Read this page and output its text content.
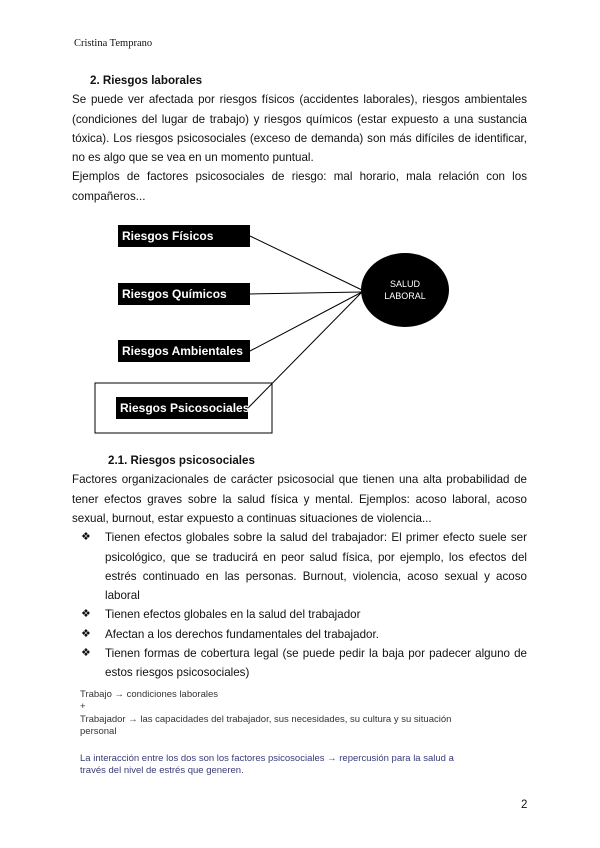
Cristina Temprano
2. Riesgos laborales
Se puede ver afectada por riesgos físicos (accidentes laborales), riesgos ambientales (condiciones del lugar de trabajo) y riesgos químicos (estar expuesto a una sustancia tóxica). Los riesgos psicosociales (exceso de demanda) son más difíciles de identificar, no es algo que se vea en un momento puntual.
Ejemplos de factores psicosociales de riesgo: mal horario, mala relación con los compañeros...
Riesgos Físicos
Riesgos Químicos
Riesgos Ambientales
Riesgos Psicosociales
SALUD
LABORAL
2.1. Riesgos psicosociales
Factores organizacionales de carácter psicosocial que tienen una alta probabilidad de tener efectos graves sobre la salud física y mental. Ejemplos: acoso laboral, acoso sexual, burnout, estar expuesto a continuas situaciones de violencia...
❖ Tienen efectos globales sobre la salud del trabajador: El primer efecto suele ser psicológico, que se traducirá en peor salud física, por ejemplo, los efectos del estrés continuado en las personas. Burnout, violencia, acoso sexual y acoso laboral
❖ Tienen efectos globales en la salud del trabajador
❖ Afectan a los derechos fundamentales del trabajador.
❖ Tienen formas de cobertura legal (se puede pedir la baja por padecer alguno de estos riesgos psicosociales)
Trabajo → condiciones laborales
+
Trabajador → las capacidades del trabajador, sus necesidades, su cultura y su situación personal
La interacción entre los dos son los factores psicosociales → repercusión para la salud a través del nivel de estrés que generen.
2
